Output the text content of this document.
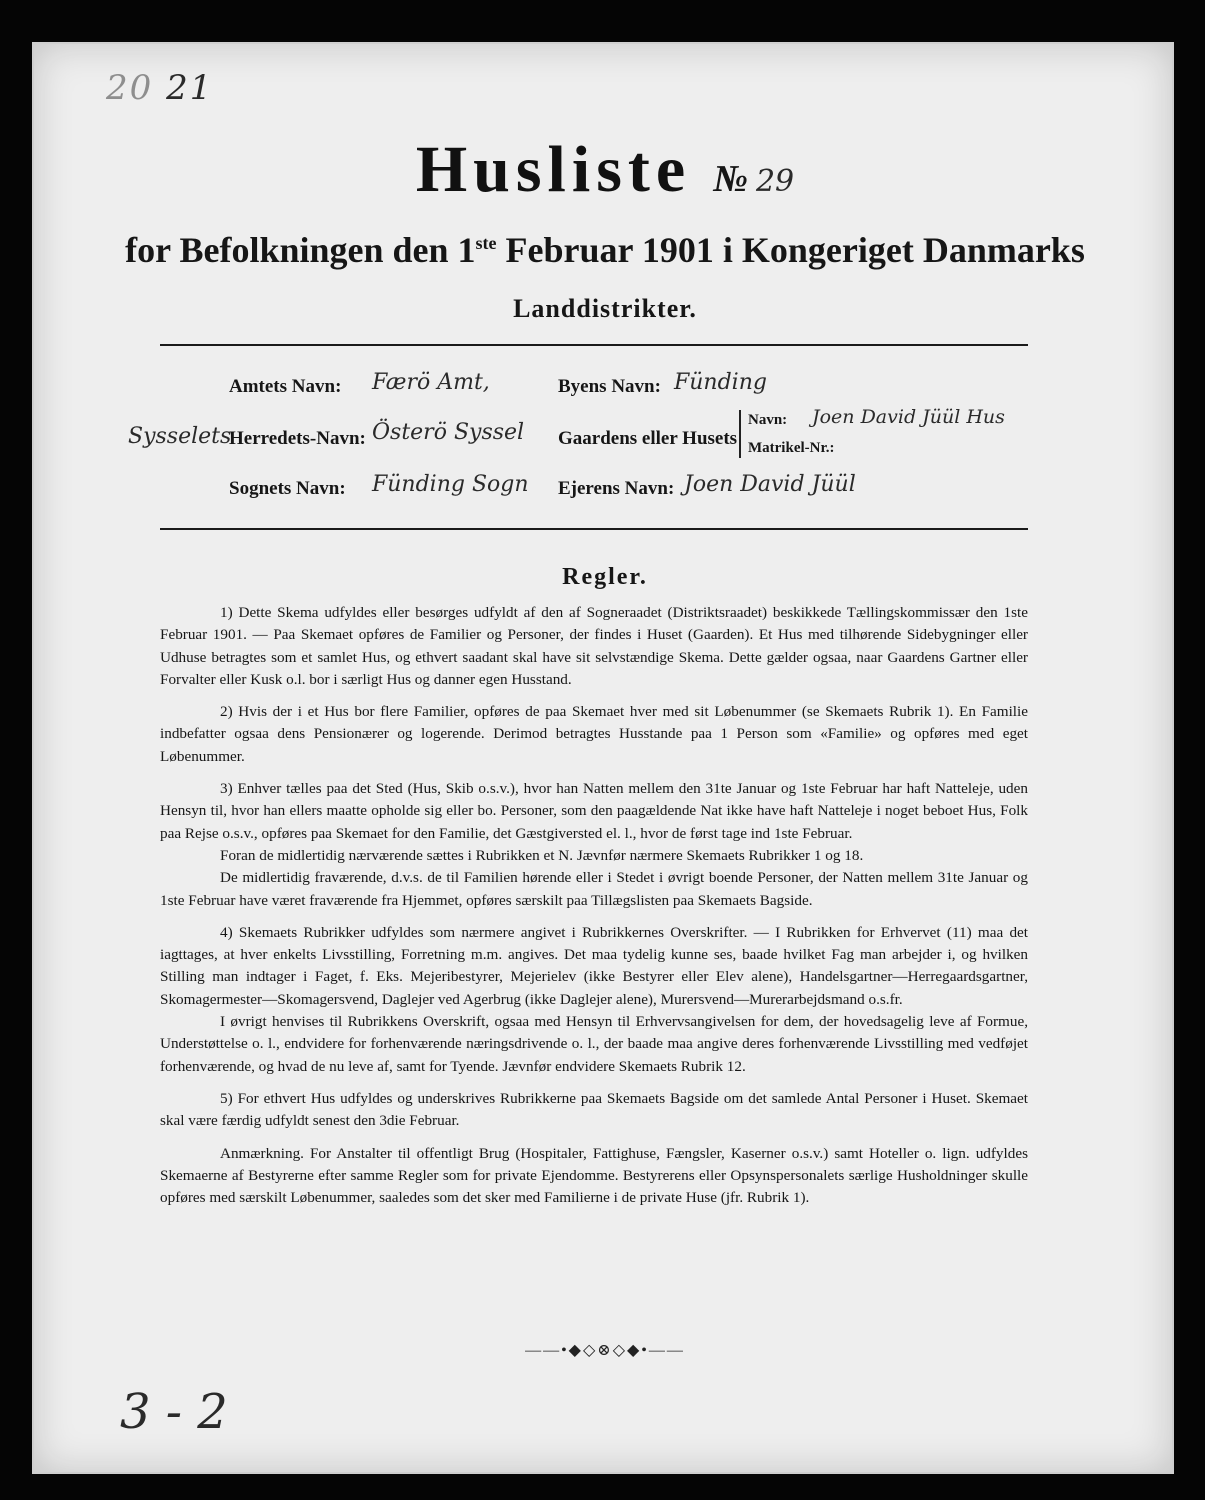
20 21
Husliste № 29
for Befolkningen den 1ste Februar 1901 i Kongeriget Danmarks
Landdistrikter.
Amtets Navn: Færö Amt,	Byens Navn: Fünding
Sysselets
Herredets-Navn: Österö Syssel Gaardens eller Husets
Navn: Joen David Jüül Hus
Matrikel-Nr.:
Sognets Navn: Fünding Sogn Ejerens Navn: Joen David Jüül
Regler.

1) Dette Skema udfyldes eller besørges udfyldt af den af Sogneraadet (Distriktsraadet) beskikkede Tællingskommissær den 1ste Februar 1901. — Paa Skemaet opføres de Familier og Personer, der findes i Huset (Gaarden). Et Hus med tilhørende Sidebygninger eller Udhuse betragtes som et samlet Hus, og ethvert saadant skal have sit selvstændige Skema. Dette gælder ogsaa, naar Gaardens Gartner eller Forvalter eller Kusk o.l. bor i særligt Hus og danner egen Husstand.

2) Hvis der i et Hus bor flere Familier, opføres de paa Skemaet hver med sit Løbenummer (se Skemaets Rubrik 1). En Familie indbefatter ogsaa dens Pensionærer og logerende. Derimod betragtes Husstande paa 1 Person som «Familie» og opføres med eget Løbenummer.

3) Enhver tælles paa det Sted (Hus, Skib o.s.v.), hvor han Natten mellem den 31te Januar og 1ste Februar har haft Natteleje, uden Hensyn til, hvor han ellers maatte opholde sig eller bo. Personer, som den paagældende Nat ikke have haft Natteleje i noget beboet Hus, Folk paa Rejse o.s.v., opføres paa Skemaet for den Familie, det Gæstgiversted el. l., hvor de først tage ind 1ste Februar.

Foran de midlertidig nærværende sættes i Rubrikken et N. Jævnfør nærmere Skemaets Rubrikker 1 og 18.

De midlertidig fraværende, d.v.s. de til Familien hørende eller i Stedet i øvrigt boende Personer, der Natten mellem 31te Januar og 1ste Februar have været fraværende fra Hjemmet, opføres særskilt paa Tillægslisten paa Skemaets Bagside.

4) Skemaets Rubrikker udfyldes som nærmere angivet i Rubrikkernes Overskrifter. — I Rubrikken for Erhvervet (11) maa det iagttages, at hver enkelts Livsstilling, Forretning m.m. angives. Det maa tydelig kunne ses, baade hvilket Fag man arbejder i, og hvilken Stilling man indtager i Faget, f. Eks. Mejeribestyrer, Mejerielev (ikke Bestyrer eller Elev alene), Handelsgartner—Herregaardsgartner, Skomagermester—Skomagersvend, Daglejer ved Agerbrug (ikke Daglejer alene), Murersvend—Murerarbejdsmand o.s.fr.

I øvrigt henvises til Rubrikkens Overskrift, ogsaa med Hensyn til Erhvervsangivelsen for dem, der hovedsagelig leve af Formue, Understøttelse o. l., endvidere for forhenværende næringsdrivende o. l., der baade maa angive deres forhenværende Livsstilling med vedføjet forhenværende, og hvad de nu leve af, samt for Tyende. Jævnfør endvidere Skemaets Rubrik 12.

5) For ethvert Hus udfyldes og underskrives Rubrikkerne paa Skemaets Bagside om det samlede Antal Personer i Huset. Skemaet skal være færdig udfyldt senest den 3die Februar.

Anmærkning. For Anstalter til offentligt Brug (Hospitaler, Fattighuse, Fængsler, Kaserner o.s.v.) samt Hoteller o. lign. udfyldes Skemaerne af Bestyrerne efter samme Regler som for private Ejendomme. Bestyrerens eller Opsynspersonalets særlige Husholdninger skulle opføres med særskilt Løbenummer, saaledes som det sker med Familierne i de private Huse (jfr. Rubrik 1).

——•◆◇⊗◇◆•——
3 - 2
